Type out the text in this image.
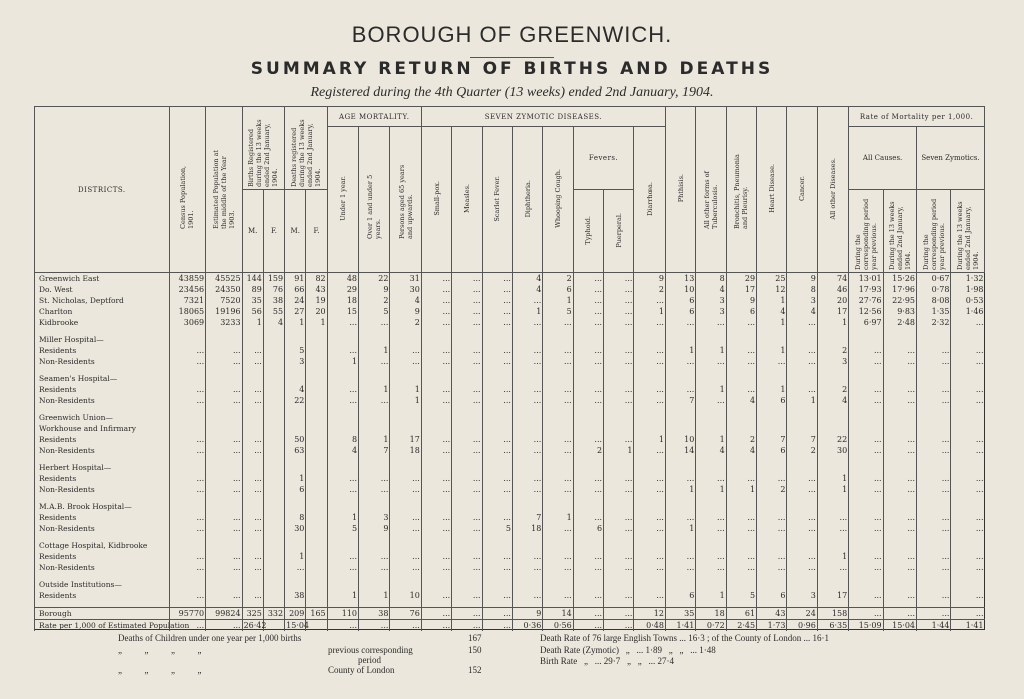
BOROUGH OF GREENWICH.
SUMMARY RETURN OF BIRTHS AND DEATHS
Registered during the 4th Quarter (13 weeks) ended 2nd January, 1904.
DISTRICTS.	Census Population, 1901.	Estimated Population at the middle of the Year 1903.	Births Registered during the 13 weeks ended 2nd January, 1904.		Deaths registered during the 13 weeks ended 2nd January, 1904.		AGE MORTALITY.			SEVEN ZYMOTIC DISEASES.								Phthisis.	All other forms of Tuberculosis.	Bronchitis, Pneumonia and Pleurisy.	Heart Disease.	Cancer.	All other Diseases.	Rate of Mortality per 1,000.			
							Under 1 year.	Over 1 and under 5 years.	Persons aged 65 years and upwards.	Small-pox.	Measles.	Scarlet Fever.	Diphtheria.	Whooping Cough.	Fevers.		Diarrhœa.							All Causes.		Seven Zymotics.	
			M.	F.	M.	F.									Typhoid.	Puerperal.								During the corresponding period year previous.	During the 13 weeks ended 2nd January, 1904.	During the corresponding period year previous.	During the 13 weeks ended 2nd January, 1904.
Greenwich East	43859	45525	144	159	91	82	48	22	31	...	...	...	4	2	...	...	9	13	8	29	25	9	74	13·01	15·26	0·67	1·32
Do. West	23456	24350	89	76	66	43	29	9	30	...	...	...	4	6	...	...	2	10	4	17	12	8	46	17·93	17·96	0·78	1·98
St. Nicholas, Deptford	7321	7520	35	38	24	19	18	2	4	...	...	...	...	1	...	...	...	6	3	9	1	3	20	27·76	22·95	8·08	0·53
Charlton	18065	19196	56	55	27	20	15	5	9	...	...	...	1	5	...	...	1	6	3	6	4	4	17	12·56	9·83	1·35	1·46
Kidbrooke	3069	3233	1	4	1	1	...	...	2	...	...	...	...	...	...	...	...	...	...	...	1	...	1	6·97	2·48	2·32	...

Miller Hospital—																											
Residents	...	...	...		5		...	1	...	...	...	...	...	...	...	...	...	1	1	...	1	...	2	...	...	...	...
Non-Residents	...	...	...		3		1	...	...	...	...	...	...	...	...	...	...	...	...	...	...	...	3	...	...	...	...

Seamen's Hospital—																											
Residents	...	...	...		4		...	1	1	...	...	...	...	...	...	...	...	...	1	...	1	...	2	...	...	...	...
Non-Residents	...	...	...		22		...	...	1	...	...	...	...	...	...	...	...	7	...	4	6	1	4	...	...	...	...

Greenwich Union—																											
Workhouse and Infirmary																											
Residents	...	...	...		50		8	1	17	...	...	...	...	...	...	...	1	10	1	2	7	7	22	...	...	...	...
Non-Residents	...	...	...		63		4	7	18	...	...	...	...	...	2	1	...	14	4	4	6	2	30	...	...	...	...

Herbert Hospital—																											
Residents	...	...	...		1		...	...	...	...	...	...	...	...	...	...	...	...	...	...	...	...	1	...	...	...	...
Non-Residents	...	...	...		6		...	...	...	...	...	...	...	...	...	...	...	1	1	1	2	...	1	...	...	...	...

M.A.B. Brook Hospital—																											
Residents	...	...	...		8		1	3	...	...	...	...	7	1	...	...	...	...	...	...	...	...	...	...	...	...	...
Non-Residents	...	...	...		30		5	9	...	...	...	5	18	...	6	...	...	1	...	...	...	...	...	...	...	...	...

Cottage Hospital, Kidbrooke																											
Residents	...	...	...		1		...	...	...	...	...	...	...	...	...	...	...	...	...	...	...	...	1	...	...	...	...
Non-Residents	...	...	...		...		...	...	...	...	...	...	...	...	...	...	...	...	...	...	...	...	...	...	...	...	...

Outside Institutions—																											
Residents	...	...	...		38		1	1	10	...	...	...	...	...	...	...	...	6	1	5	6	3	17	...	...	...	...

Borough	95770	99824	325	332	209	165	110	38	76	...	...	...	9	14	...	...	12	35	18	61	43	24	158	...	...	...	...
Rate per 1,000 of Estimated Population	...	...	26·42		15·04		...	...	...	...	...	...	0·36	0·56	...	...	0·48	1·41	0·72	2·45	1·73	0·96	6·35	15·09	15·04	1·44	1·41
Deaths of Children under one year per 1,000 births	167
„          „          „          „	previous corresponding	150
period
„          „          „          „	County of London	152
Death Rate of 76 large English Towns ... 16·3 ; of the County of London ... 16·1
Death Rate (Zymotic)   „   ... 1·89   „   „   ... 1·48
Birth Rate   „   ... 29·7   „   „   ... 27·4
